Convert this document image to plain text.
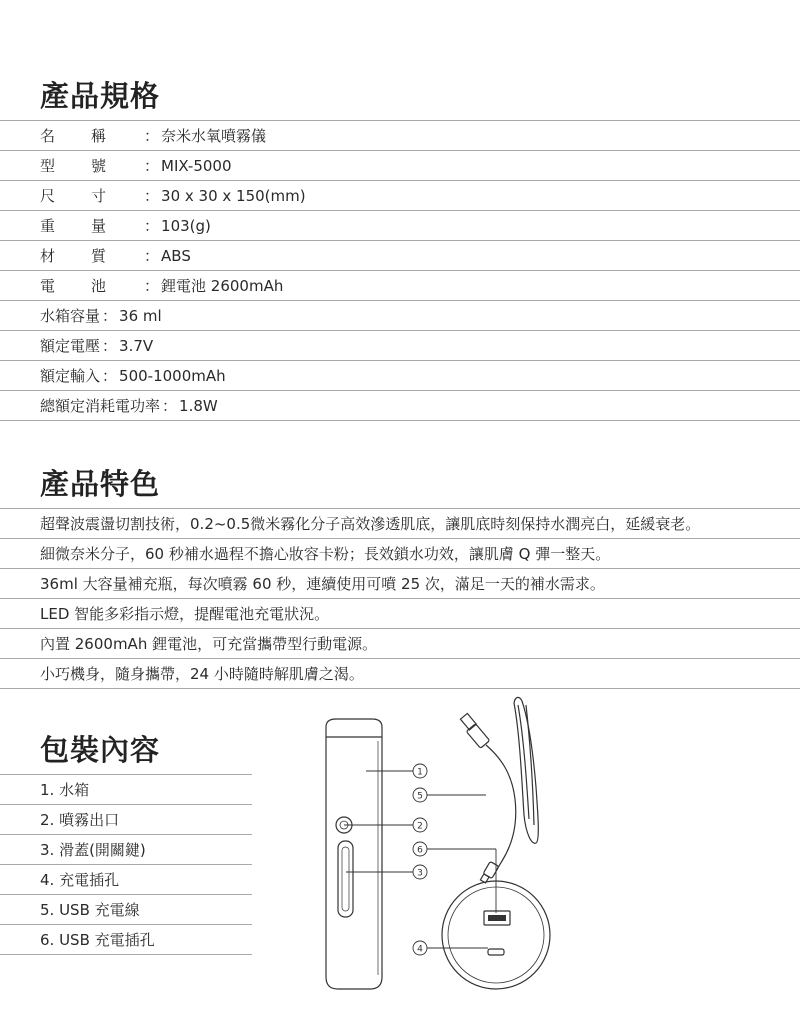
產品規格
名稱 ： 奈米水氧噴霧儀
型號 ： MIX-5000
尺寸 ： 30 x 30 x 150(mm)
重量 ： 103(g)
材質 ： ABS
電池 ： 鋰電池 2600mAh
水箱容量 ： 36 ml
額定電壓 ： 3.7V
額定輸入 ： 500-1000mAh
總額定消耗電功率 ： 1.8W
產品特色
超聲波震盪切割技術，0.2~0.5微米霧化分子高效滲透肌底，讓肌底時刻保持水潤亮白，延緩衰老。
細微奈米分子，60 秒補水過程不擔心妝容卡粉；長效鎖水功效，讓肌膚 Q 彈一整天。
36ml 大容量補充瓶，每次噴霧 60 秒，連續使用可噴 25 次，滿足一天的補水需求。
LED 智能多彩指示燈，提醒電池充電狀況。
內置 2600mAh 鋰電池，可充當攜帶型行動電源。
小巧機身，隨身攜帶，24 小時隨時解肌膚之渴。
包裝內容
1. 水箱
2. 噴霧出口
3. 滑蓋(開關鍵)
4. 充電插孔
5. USB 充電線
6. USB 充電插孔
1
5
2
6
3
4
